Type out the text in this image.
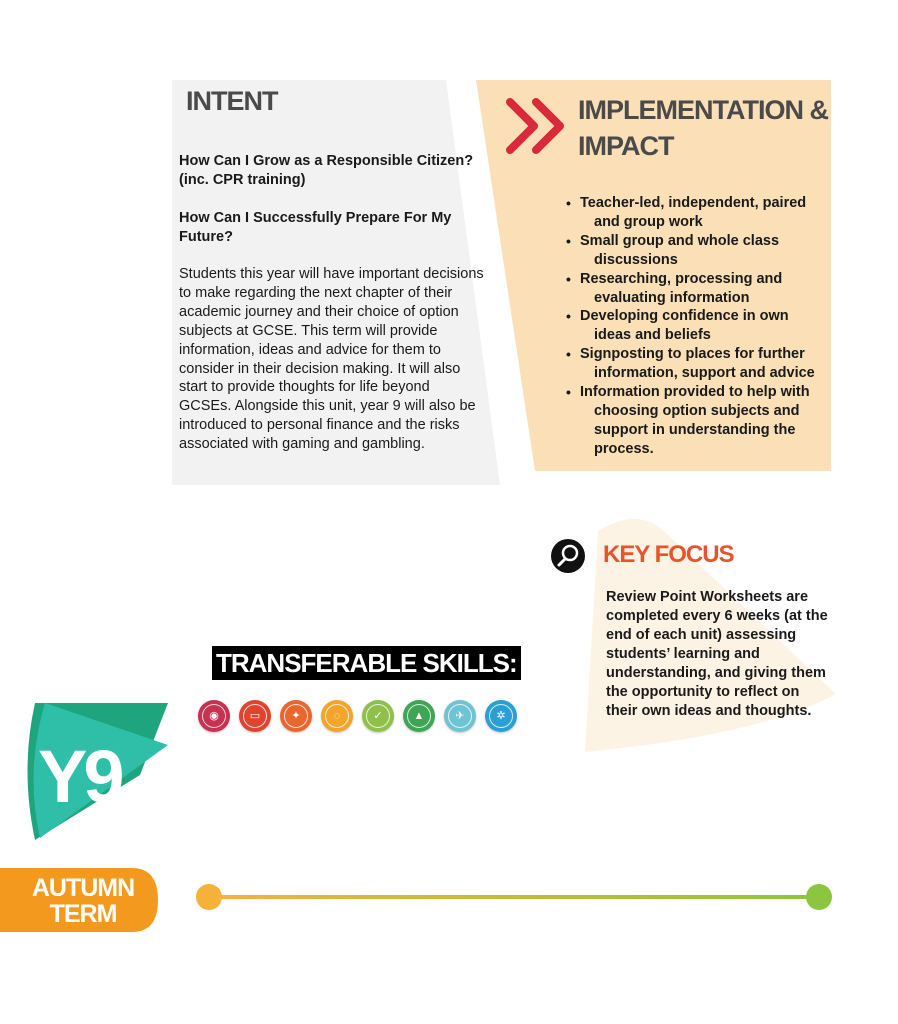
Y9
INTENT
How Can I Grow as a Responsible Citizen? (inc. CPR training)
How Can I Successfully Prepare For My Future?
Students this year will have important decisions to make regarding the next chapter of their academic journey and their choice of option subjects at GCSE. This term will provide information, ideas and advice for them to consider in their decision making. It will also start to provide thoughts for life beyond GCSEs. Alongside this unit, year 9 will also be introduced to personal finance and the risks associated with gaming and gambling.
IMPLEMENTATION &
IMPACT
• Teacher-led, independent, paired
and group work
• Small group and whole class
discussions
• Researching, processing and
evaluating information
• Developing confidence in own
ideas and beliefs
• Signposting to places for further
information, support and advice
• Information provided to help with
choosing option subjects and support in understanding the process.
KEY FOCUS
Review Point Worksheets are completed every 6 weeks (at the end of each unit) assessing students’ learning and understanding, and giving them the opportunity to reflect on their own ideas and thoughts.
TRANSFERABLE SKILLS:
◉	▭	✦	◌	✓	▲	✈	✲
AUTUMN
TERM
